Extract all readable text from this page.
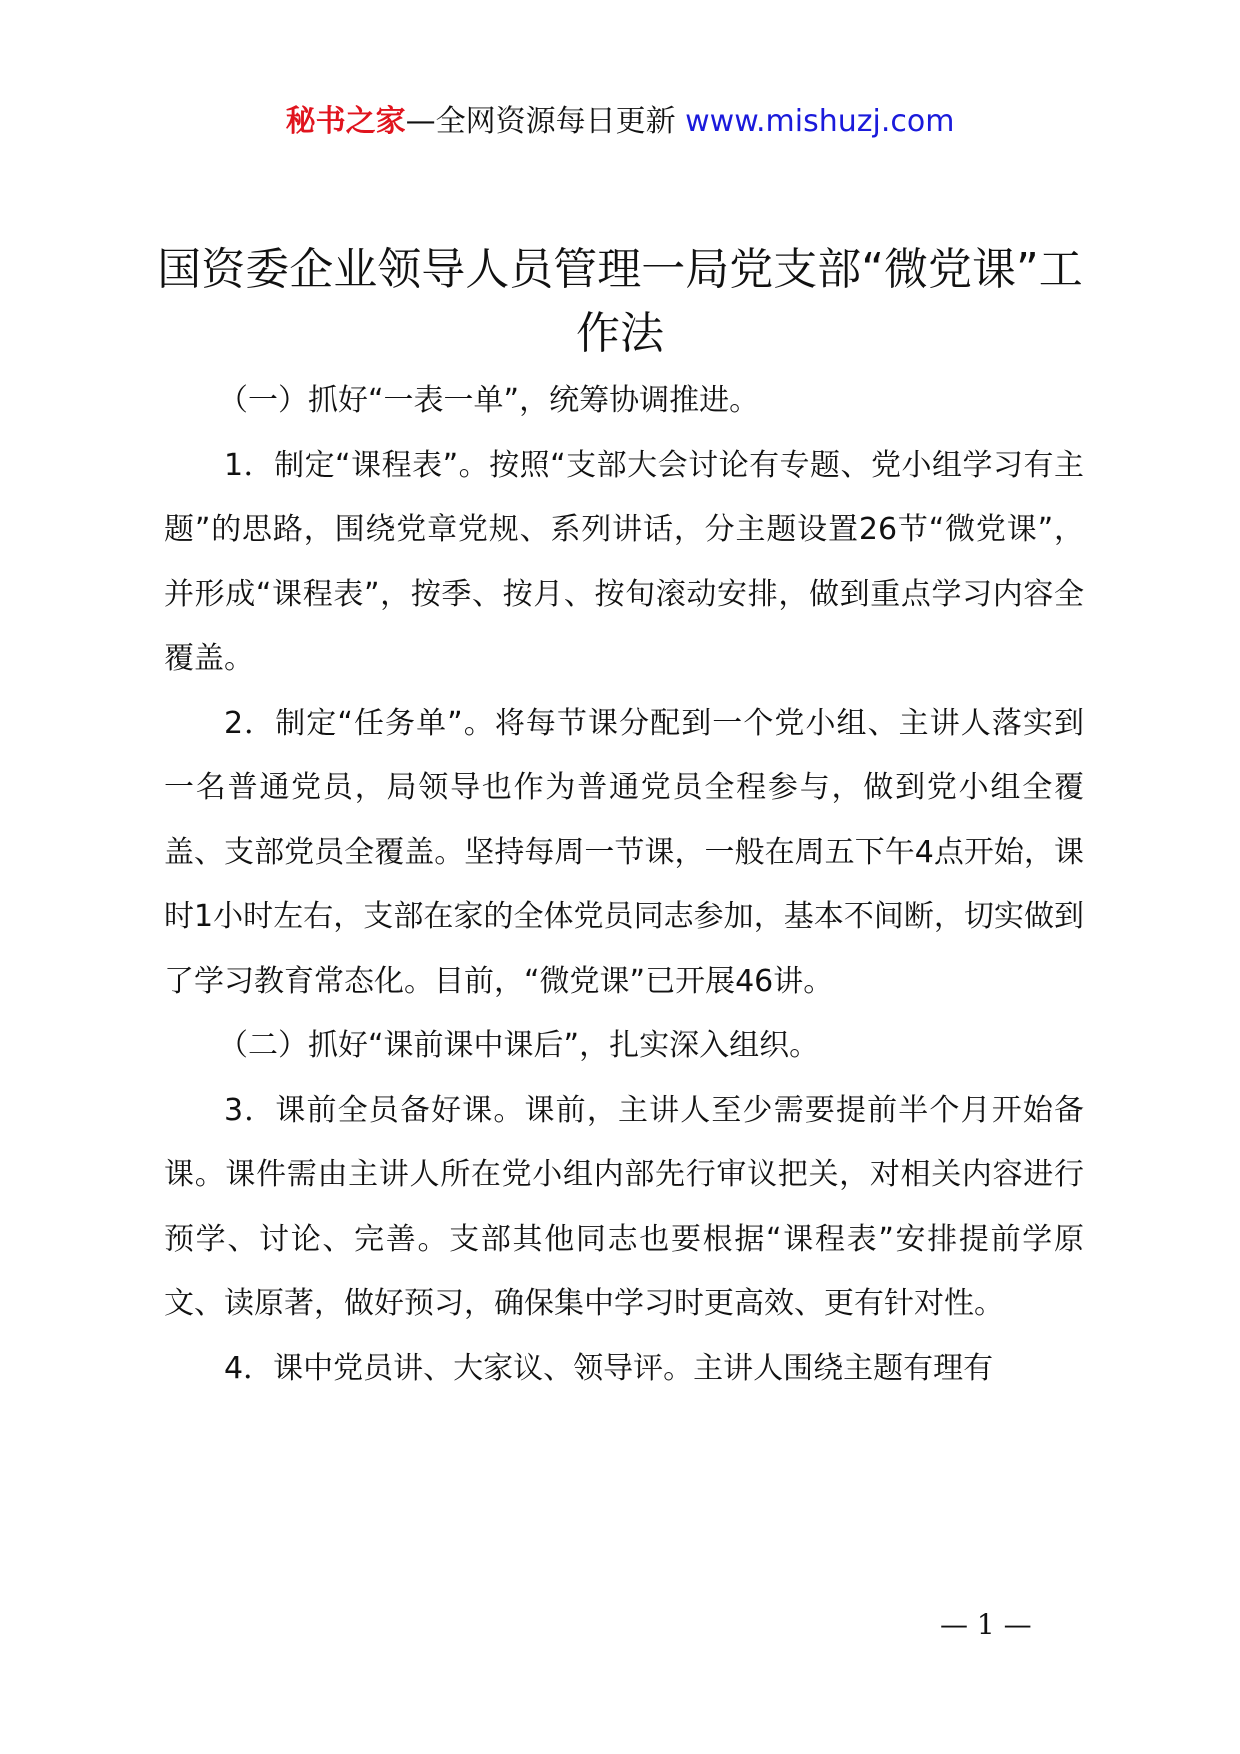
秘书之家—全网资源每日更新 www.mishuzj.com
国资委企业领导人员管理一局党支部“微党课”工作法

（一）抓好“一表一单”，统筹协调推进。

1．制定“课程表”。按照“支部大会讨论有专题、党小组学习有主题”的思路，围绕党章党规、系列讲话，分主题设置26节“微党课”，并形成“课程表”，按季、按月、按旬滚动安排，做到重点学习内容全覆盖。

2．制定“任务单”。将每节课分配到一个党小组、主讲人落实到一名普通党员，局领导也作为普通党员全程参与，做到党小组全覆盖、支部党员全覆盖。坚持每周一节课，一般在周五下午4点开始，课时1小时左右，支部在家的全体党员同志参加，基本不间断，切实做到了学习教育常态化。目前，“微党课”已开展46讲。

（二）抓好“课前课中课后”，扎实深入组织。

3．课前全员备好课。课前，主讲人至少需要提前半个月开始备课。课件需由主讲人所在党小组内部先行审议把关，对相关内容进行预学、讨论、完善。支部其他同志也要根据“课程表”安排提前学原文、读原著，做好预习，确保集中学习时更高效、更有针对性。

4．课中党员讲、大家议、领导评。主讲人围绕主题有理有

— 1 —
